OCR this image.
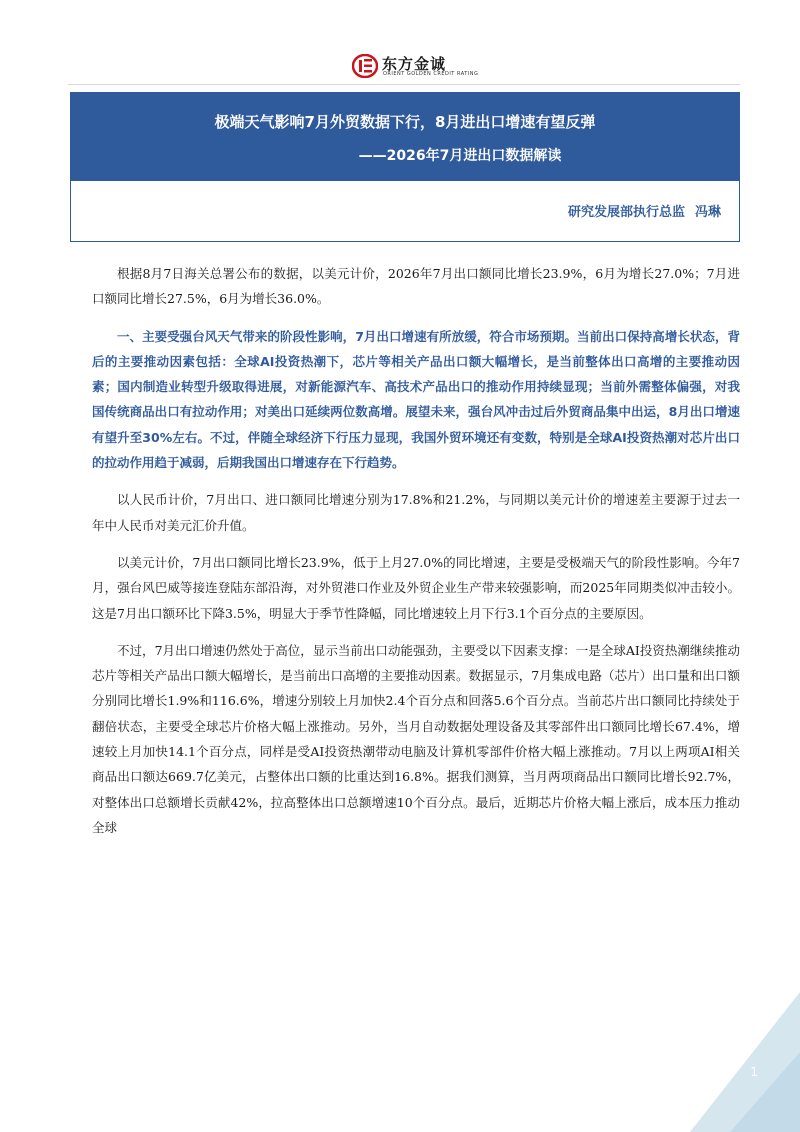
东方金诚
ORIENT GOLDEN CREDIT RATING
极端天气影响7月外贸数据下行，8月进出口增速有望反弹
——2026年7月进出口数据解读
研究发展部执行总监 冯琳

根据8月7日海关总署公布的数据，以美元计价，2026年7月出口额同比增长23.9%，6月为增长27.0%；7月进口额同比增长27.5%，6月为增长36.0%。

一、主要受强台风天气带来的阶段性影响，7月出口增速有所放缓，符合市场预期。当前出口保持高增长状态，背后的主要推动因素包括：全球AI投资热潮下，芯片等相关产品出口额大幅增长，是当前整体出口高增的主要推动因素；国内制造业转型升级取得进展，对新能源汽车、高技术产品出口的推动作用持续显现；当前外需整体偏强，对我国传统商品出口有拉动作用；对美出口延续两位数高增。展望未来，强台风冲击过后外贸商品集中出运，8月出口增速有望升至30%左右。不过，伴随全球经济下行压力显现，我国外贸环境还有变数，特别是全球AI投资热潮对芯片出口的拉动作用趋于减弱，后期我国出口增速存在下行趋势。

以人民币计价，7月出口、进口额同比增速分别为17.8%和21.2%，与同期以美元计价的增速差主要源于过去一年中人民币对美元汇价升值。

以美元计价，7月出口额同比增长23.9%，低于上月27.0%的同比增速，主要是受极端天气的阶段性影响。今年7月，强台风巴威等接连登陆东部沿海，对外贸港口作业及外贸企业生产带来较强影响，而2025年同期类似冲击较小。这是7月出口额环比下降3.5%，明显大于季节性降幅，同比增速较上月下行3.1个百分点的主要原因。

不过，7月出口增速仍然处于高位，显示当前出口动能强劲，主要受以下因素支撑：一是全球AI投资热潮继续推动芯片等相关产品出口额大幅增长，是当前出口高增的主要推动因素。数据显示，7月集成电路（芯片）出口量和出口额分别同比增长1.9%和116.6%，增速分别较上月加快2.4个百分点和回落5.6个百分点。当前芯片出口额同比持续处于翻倍状态，主要受全球芯片价格大幅上涨推动。另外，当月自动数据处理设备及其零部件出口额同比增长67.4%，增速较上月加快14.1个百分点，同样是受AI投资热潮带动电脑及计算机零部件价格大幅上涨推动。7月以上两项AI相关商品出口额达669.7亿美元，占整体出口额的比重达到16.8%。据我们测算，当月两项商品出口额同比增长92.7%，对整体出口总额增长贡献42%，拉高整体出口总额增速10个百分点。最后，近期芯片价格大幅上涨后，成本压力推动全球

1
